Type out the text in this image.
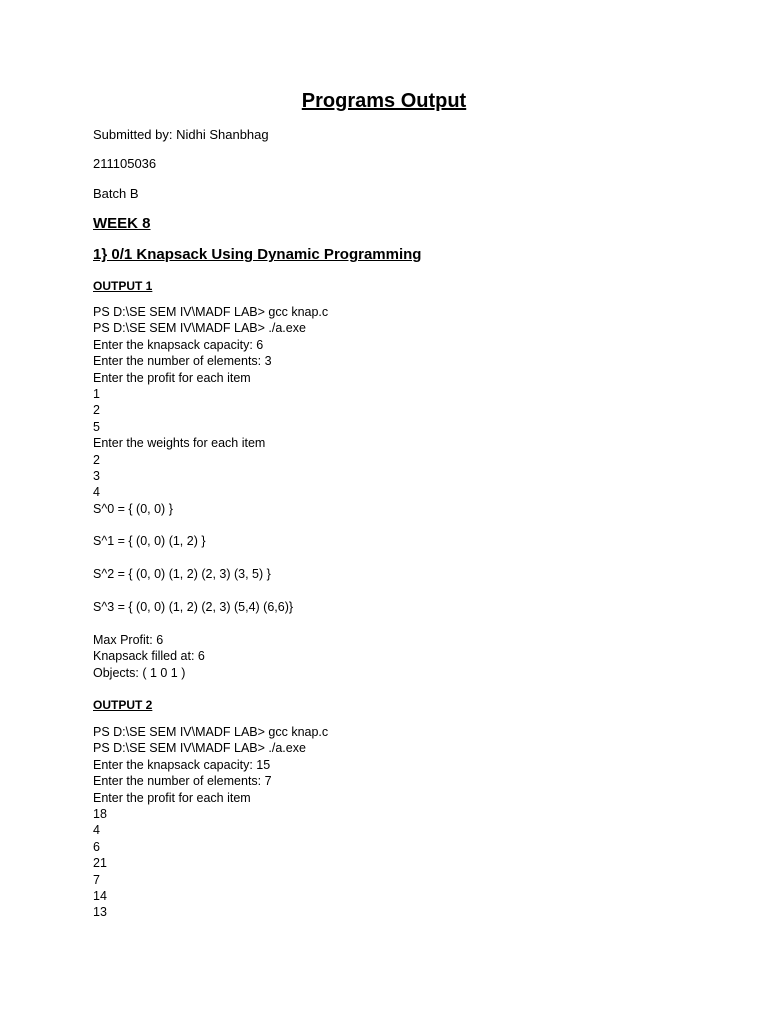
Programs Output
Submitted by: Nidhi Shanbhag
211105036
Batch B
WEEK 8
1} 0/1 Knapsack Using Dynamic Programming
OUTPUT 1
PS D:\SE SEM IV\MADF LAB> gcc knap.c
PS D:\SE SEM IV\MADF LAB> ./a.exe
Enter the knapsack capacity: 6
Enter the number of elements: 3
Enter the profit for each item
1
2
5
Enter the weights for each item
2
3
4
S^0 = { (0, 0) }
S^1 = { (0, 0) (1, 2) }
S^2 = { (0, 0) (1, 2) (2, 3) (3, 5) }
S^3 = { (0, 0) (1, 2) (2, 3) (5,4) (6,6)}
Max Profit: 6
Knapsack filled at: 6
Objects: ( 1 0 1 )
OUTPUT 2
PS D:\SE SEM IV\MADF LAB> gcc knap.c
PS D:\SE SEM IV\MADF LAB> ./a.exe
Enter the knapsack capacity: 15
Enter the number of elements: 7
Enter the profit for each item
18
4
6
21
7
14
13
